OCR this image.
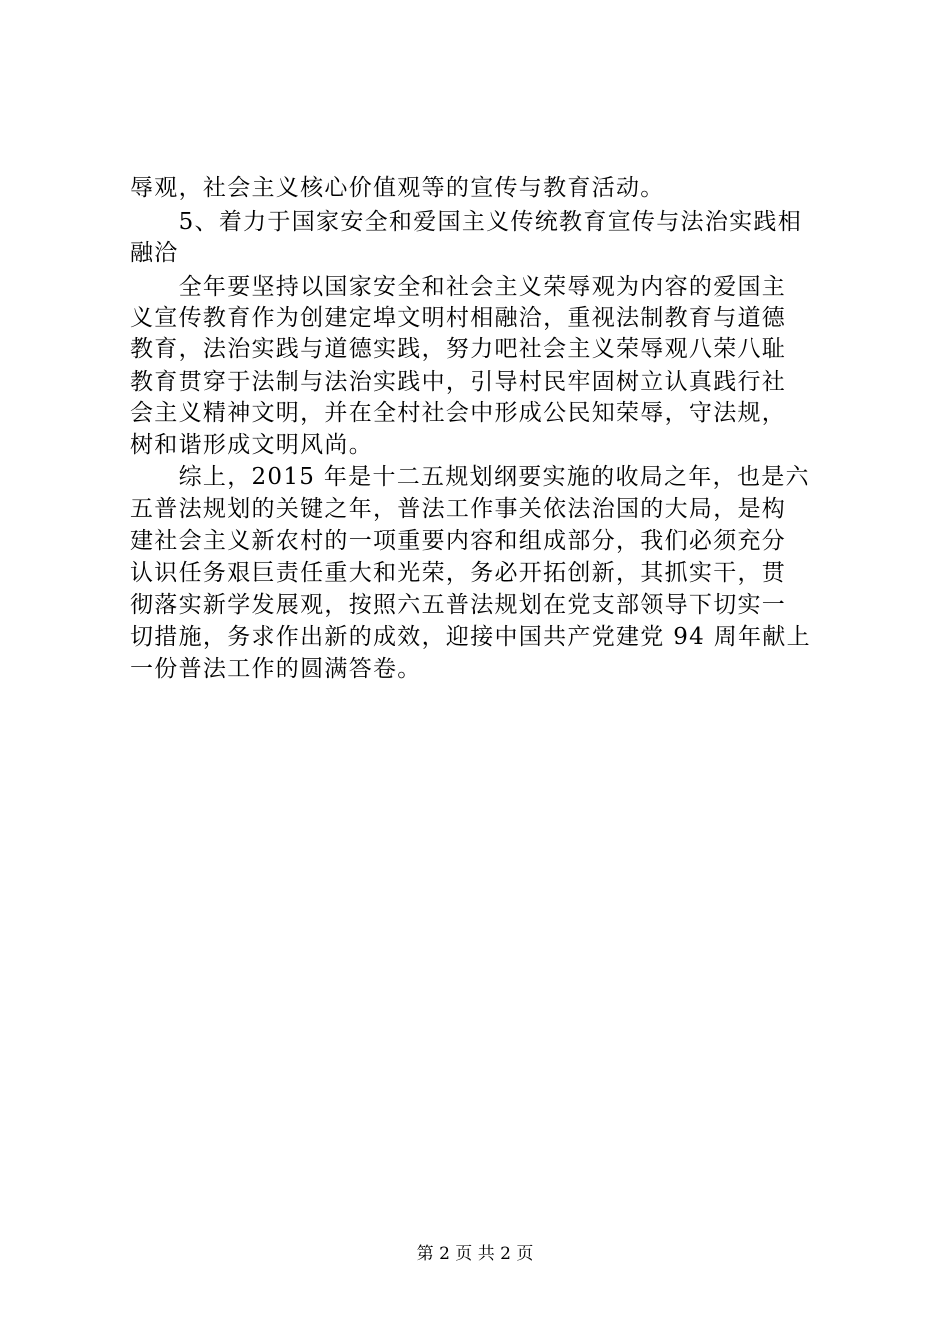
辱观，社会主义核心价值观等的宣传与教育活动。
　　5、着力于国家安全和爱国主义传统教育宣传与法治实践相
融洽
　　全年要坚持以国家安全和社会主义荣辱观为内容的爱国主
义宣传教育作为创建定埠文明村相融洽，重视法制教育与道德
教育，法治实践与道德实践，努力吧社会主义荣辱观八荣八耻
教育贯穿于法制与法治实践中，引导村民牢固树立认真践行社
会主义精神文明，并在全村社会中形成公民知荣辱，守法规，
树和谐形成文明风尚。
　　综上，2015 年是十二五规划纲要实施的收局之年，也是六
五普法规划的关键之年，普法工作事关依法治国的大局，是构
建社会主义新农村的一项重要内容和组成部分，我们必须充分
认识任务艰巨责任重大和光荣，务必开拓创新，其抓实干，贯
彻落实新学发展观，按照六五普法规划在党支部领导下切实一
切措施，务求作出新的成效，迎接中国共产党建党 94 周年献上
一份普法工作的圆满答卷。
第 2 页 共 2 页
